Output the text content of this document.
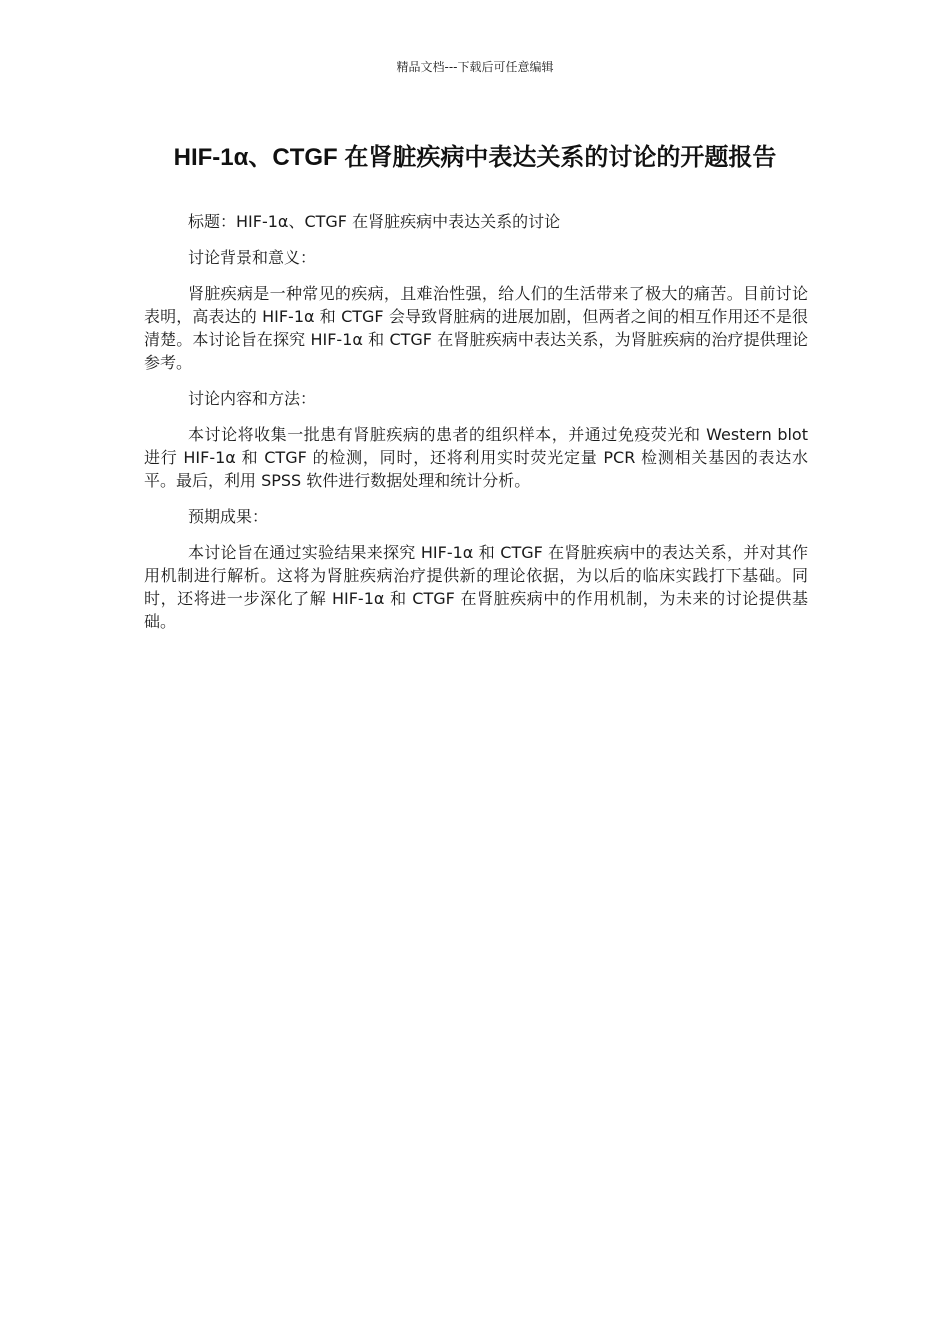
精品文档---下载后可任意编辑
HIF-1α、CTGF 在肾脏疾病中表达关系的讨论的开题报告

标题：HIF-1α、CTGF 在肾脏疾病中表达关系的讨论

讨论背景和意义：

肾脏疾病是一种常见的疾病，且难治性强，给人们的生活带来了极大的痛苦。目前讨论表明，高表达的 HIF-1α 和 CTGF 会导致肾脏病的进展加剧，但两者之间的相互作用还不是很清楚。本讨论旨在探究 HIF-1α 和 CTGF 在肾脏疾病中表达关系，为肾脏疾病的治疗提供理论参考。

讨论内容和方法：

本讨论将收集一批患有肾脏疾病的患者的组织样本，并通过免疫荧光和 Western blot 进行 HIF-1α 和 CTGF 的检测，同时，还将利用实时荧光定量 PCR 检测相关基因的表达水平。最后，利用 SPSS 软件进行数据处理和统计分析。

预期成果：

本讨论旨在通过实验结果来探究 HIF-1α 和 CTGF 在肾脏疾病中的表达关系，并对其作用机制进行解析。这将为肾脏疾病治疗提供新的理论依据，为以后的临床实践打下基础。同时，还将进一步深化了解 HIF-1α 和 CTGF 在肾脏疾病中的作用机制，为未来的讨论提供基础。
